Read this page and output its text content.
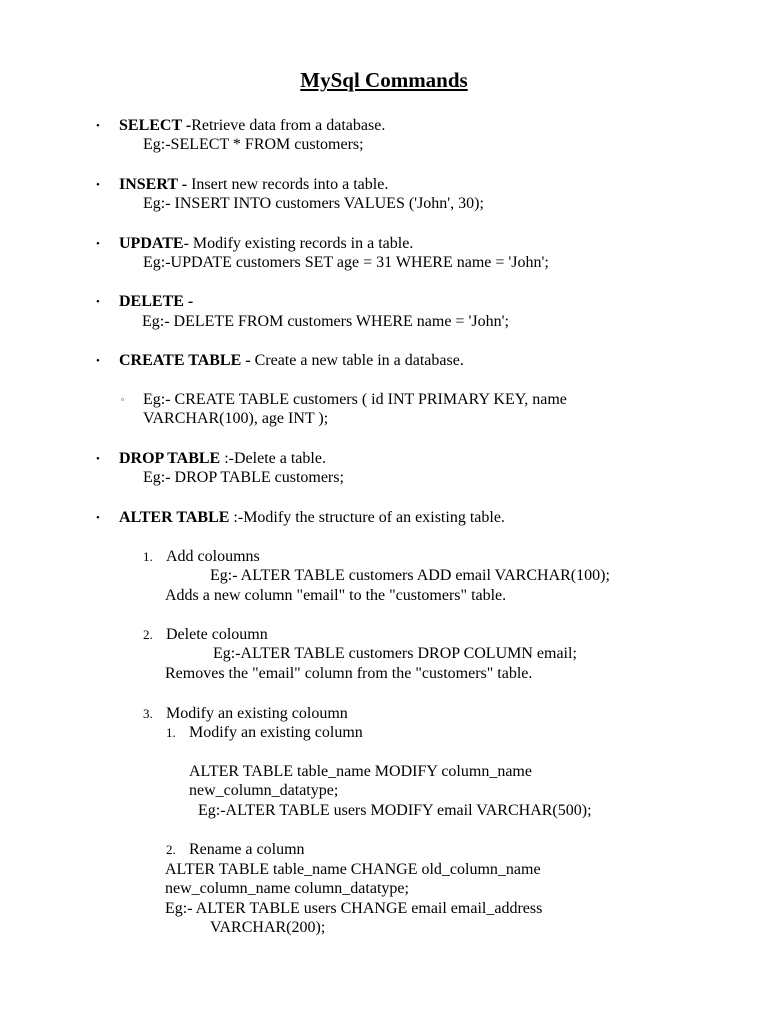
MySql Commands
• SELECT -Retrieve data from a database.
Eg:-SELECT * FROM customers;
• INSERT - Insert new records into a table.
Eg:- INSERT INTO customers VALUES ('John', 30);
• UPDATE- Modify existing records in a table.
Eg:-UPDATE customers SET age = 31 WHERE name = 'John';
• DELETE -
Eg:- DELETE FROM customers WHERE name = 'John';
• CREATE TABLE - Create a new table in a database.
▫ Eg:- CREATE TABLE customers ( id INT PRIMARY KEY, name
VARCHAR(100), age INT );
• DROP TABLE :-Delete a table.
Eg:- DROP TABLE customers;
• ALTER TABLE :-Modify the structure of an existing table.
1. Add coloumns
Eg:- ALTER TABLE customers ADD email VARCHAR(100);
Adds a new column "email" to the "customers" table.
2. Delete coloumn
Eg:-ALTER TABLE customers DROP COLUMN email;
Removes the "email" column from the "customers" table.
3. Modify an existing coloumn
1. Modify an existing column
ALTER TABLE table_name MODIFY column_name
new_column_datatype;
Eg:-ALTER TABLE users MODIFY email VARCHAR(500);
2. Rename a column
ALTER TABLE table_name CHANGE old_column_name
new_column_name column_datatype;
Eg:- ALTER TABLE users CHANGE email email_address
VARCHAR(200);
